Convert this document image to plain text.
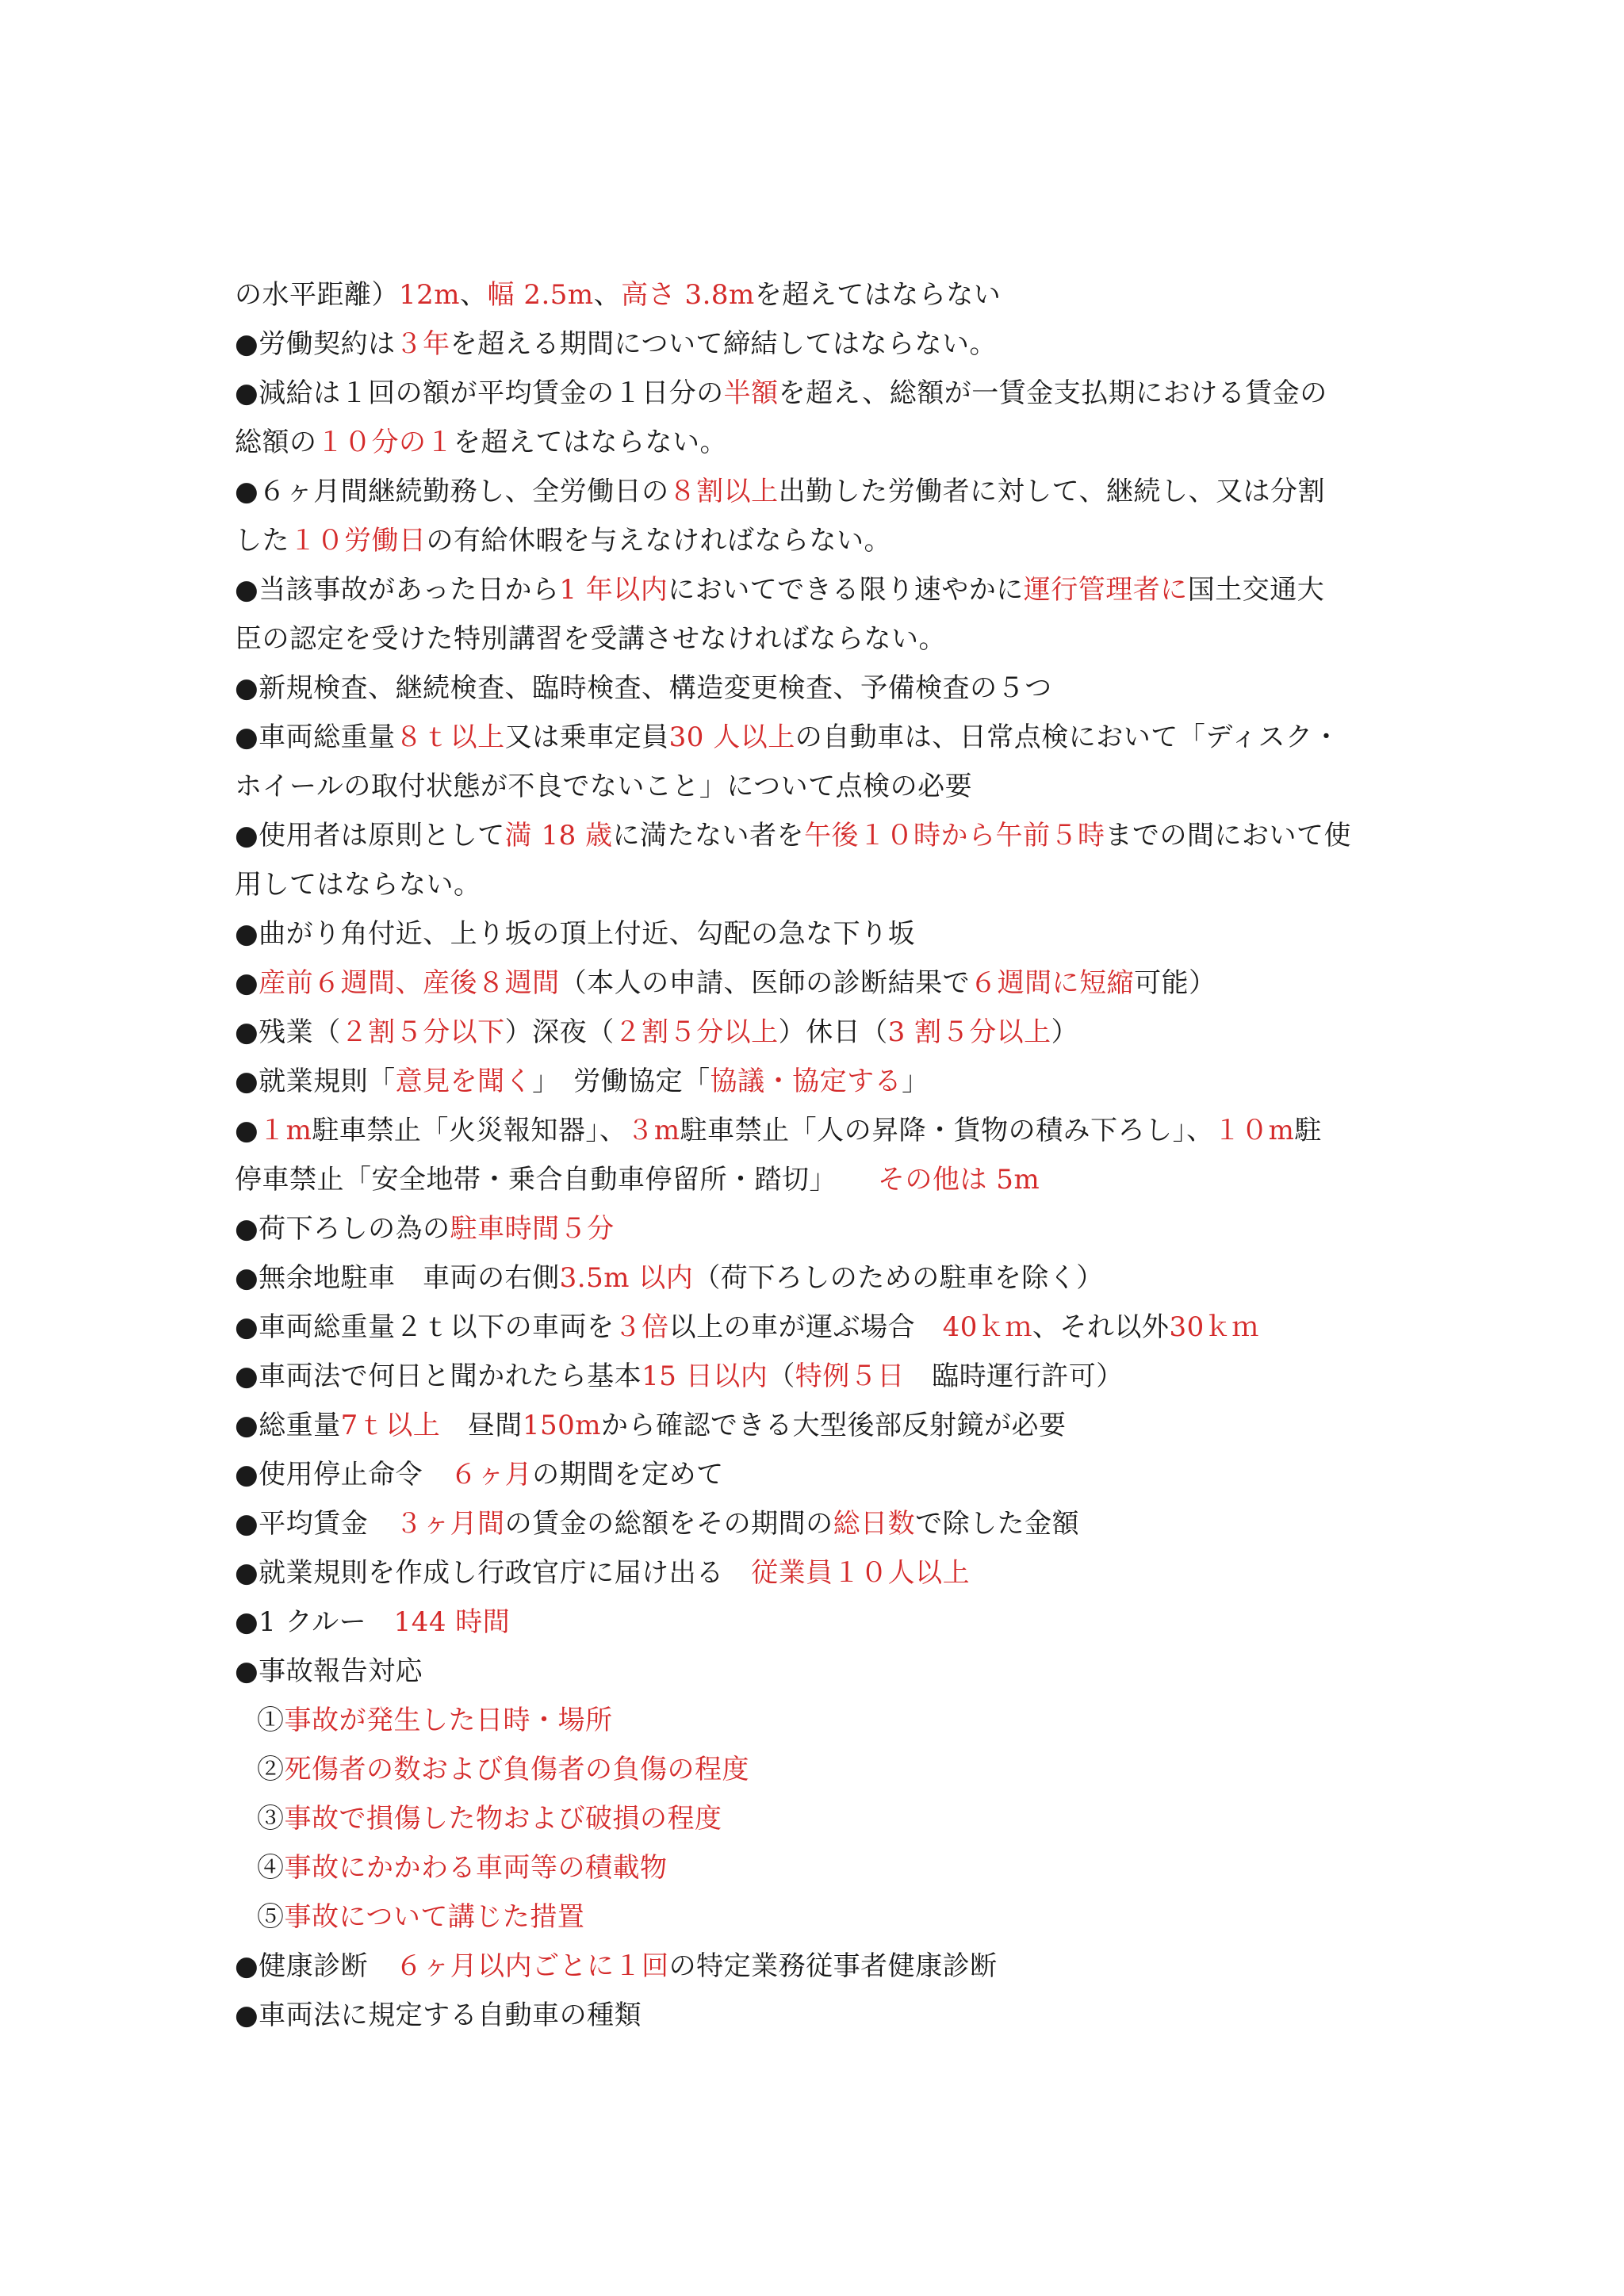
の水平距離）12m、幅 2.5m、高さ 3.8mを超えてはならない
●労働契約は３年を超える期間について締結してはならない。
●減給は１回の額が平均賃金の１日分の半額を超え、総額が一賃金支払期における賃金の
総額の１０分の１を超えてはならない。
●６ヶ月間継続勤務し、全労働日の８割以上出勤した労働者に対して、継続し、又は分割
した１０労働日の有給休暇を与えなければならない。
●当該事故があった日から1 年以内においてできる限り速やかに運行管理者に国土交通大
臣の認定を受けた特別講習を受講させなければならない。
●新規検査、継続検査、臨時検査、構造変更検査、予備検査の５つ
●車両総重量８ｔ以上又は乗車定員30 人以上の自動車は、日常点検において「ディスク・
ホイールの取付状態が不良でないこと」について点検の必要
●使用者は原則として満 18 歳に満たない者を午後１０時から午前５時までの間において使
用してはならない。
●曲がり角付近、上り坂の頂上付近、勾配の急な下り坂
●産前６週間、産後８週間（本人の申請、医師の診断結果で６週間に短縮可能）
●残業（２割５分以下）深夜（２割５分以上）休日（3 割５分以上）
●就業規則「意見を聞く」　労働協定「協議・協定する」
●１m駐車禁止「火災報知器」、３m駐車禁止「人の昇降・貨物の積み下ろし」、１０m駐
停車禁止「安全地帯・乗合自動車停留所・踏切」　　その他は 5m
●荷下ろしの為の駐車時間５分
●無余地駐車　車両の右側3.5m 以内（荷下ろしのための駐車を除く）
●車両総重量２ｔ以下の車両を３倍以上の車が運ぶ場合　40ｋｍ、それ以外30ｋｍ
●車両法で何日と聞かれたら基本15 日以内（特例５日　臨時運行許可）
●総重量7ｔ以上　昼間150mから確認できる大型後部反射鏡が必要
●使用停止命令　６ヶ月の期間を定めて
●平均賃金　３ヶ月間の賃金の総額をその期間の総日数で除した金額
●就業規則を作成し行政官庁に届け出る　従業員１０人以上
●1 クルー　144 時間
●事故報告対応
①事故が発生した日時・場所
②死傷者の数および負傷者の負傷の程度
③事故で損傷した物および破損の程度
④事故にかかわる車両等の積載物
⑤事故について講じた措置
●健康診断　６ヶ月以内ごとに１回の特定業務従事者健康診断
●車両法に規定する自動車の種類
